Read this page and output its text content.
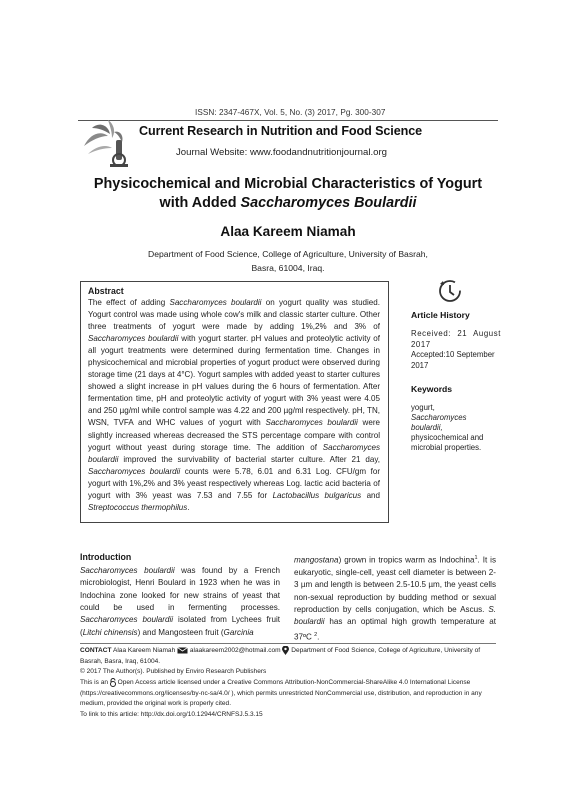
ISSN: 2347-467X, Vol. 5, No. (3) 2017, Pg. 300-307
Current Research in Nutrition and Food Science
Journal Website: www.foodandnutritionjournal.org
Physicochemical and Microbial Characteristics of Yogurt
with Added Saccharomyces Boulardii
Alaa Kareem Niamah
Department of Food Science, College of Agriculture, University of Basrah,
Basra, 61004, Iraq.
Abstract
The effect of adding Saccharomyces boulardii on yogurt quality was studied. Yogurt control was made using whole cow's milk and classic starter culture. Other three treatments of yogurt were made by adding 1%,2% and 3% of Saccharomyces boulardii with yogurt starter. pH values and proteolytic activity of all yogurt treatments were determined during fermentation time. Changes in physicochemical and microbial properties of yogurt product were observed during storage time (21 days at 4°C). Yogurt samples with added yeast to starter cultures showed a slight increase in pH values during the 6 hours of fermentation. After fermentation time, pH and proteolytic activity of yogurt with 3% yeast were 4.05 and 250 µg/ml while control sample was 4.22 and 200 µg/ml respectively. pH, TN, WSN, TVFA and WHC values of yogurt with Saccharomyces boulardii were slightly increased whereas decreased the STS percentage compare with control yogurt without yeast during storage time. The addition of Saccharomyces boulardii improved the survivability of bacterial starter culture. After 21 day, Saccharomyces boulardii counts were 5.78, 6.01 and 6.31 Log. CFU/gm for yogurt with 1%,2% and 3% yeast respectively whereas Log. lactic acid bacteria of yogurt with 3% yeast was 7.53 and 7.55 for Lactobacillus bulgaricus and Streptococcus thermophilus.
Article History
Received: 21 August 2017
Accepted:10 September 2017
Keywords
yogurt,
Saccharomyces boulardii,
physicochemical and microbial properties.
Introduction
Saccharomyces boulardii was found by a French microbiologist, Henri Boulard in 1923 when he was in Indochina zone looked for new strains of yeast that could be used in fermenting processes. Saccharomyces boulardii isolated from Lychees fruit (Litchi chinensis) and Mangosteen fruit (Garcinia
mangostana) grown in tropics warm as Indochina$^1$. It is eukaryotic, single-cell, yeast cell diameter is between 2-3 µm and length is between 2.5-10.5 µm, the yeast cells non-sexual reproduction by budding method or sexual reproduction by cells conjugation, which be Ascus. S. boulardii has an optimal high growth temperature at 37ºC $^2$.
CONTACT Alaa Kareem Niamah  alaakareem2002@hotmail.com  Department of Food Science, College of Agriculture, University of Basrah, Basra, Iraq, 61004.
© 2017 The Author(s). Published by Enviro Research Publishers
This is an  Open Access article licensed under a Creative Commons Attribution-NonCommercial-ShareAlike 4.0 International License (https://creativecommons.org/licenses/by-nc-sa/4.0/ ), which permits unrestricted NonCommercial use, distribution, and reproduction in any medium, provided the original work is properly cited.
To link to this article: http://dx.doi.org/10.12944/CRNFSJ.5.3.15
